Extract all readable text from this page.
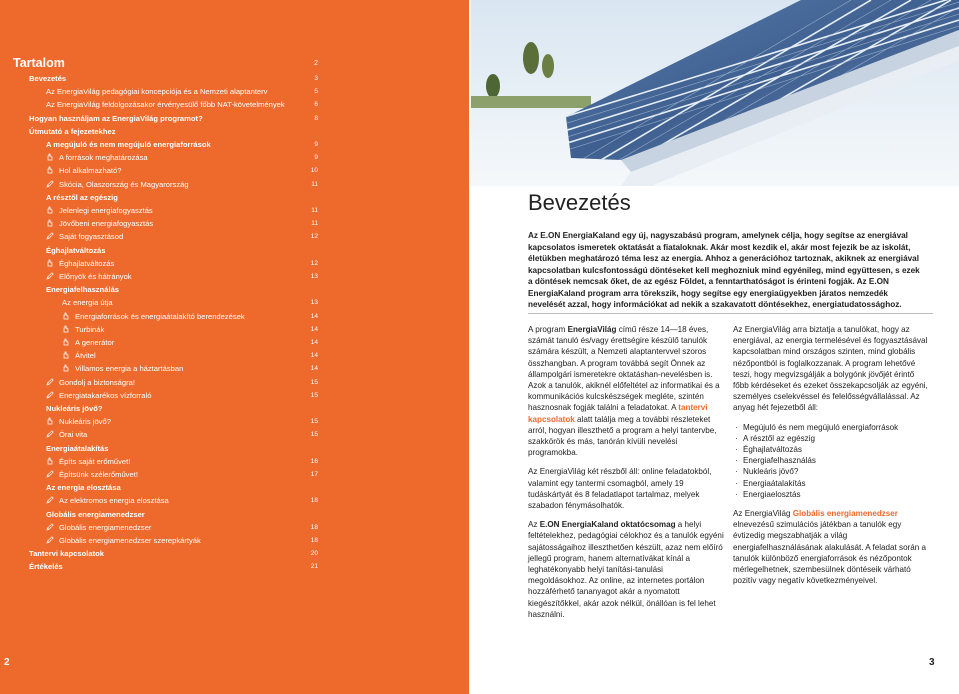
Tartalom	2
Bevezetés	3
Az EnergiaVilág pedagógiai koncepciója és a Nemzeti alaptanterv	5
Az EnergiaVilág feldolgozásakor érvényesülő főbb NAT-követelmények	6
Hogyan használjam az EnergiaVilág programot?	8
Útmutató a fejezetekhez
A megújuló és nem megújuló energiaforrások	9
A források meghatározása	9
Hol alkalmazható?	10
Skócia, Olaszország és Magyarország	11
A résztől az egészig
Jelenlegi energiafogyasztás	11
Jövőbeni energiafogyasztás	11
Saját fogyasztásod	12
Éghajlatváltozás
Éghajlatváltozás	12
Előnyök és hátrányok	13
Energiafelhasználás
Az energia útja	13
Energiaforrások és energiaátalakító berendezések	14
Turbinák	14
A generátor	14
Átvitel	14
Villamos energia a háztartásban	14
Gondolj a biztonságra!	15
Energiatakarékos vízforraló	15
Nukleáris jövő?
Nukleáris jövő?	15
Órai vita	15
Energiaátalakítás
Építs saját erőművet!	16
Építsünk szélerőművet!	17
Az energia elosztása
Az elektromos energia elosztása	18
Globális energiamenedzser
Globális energiamenedzser	18
Globális energiamenedzser szerepkártyák	18
Tantervi kapcsolatok	20
Értékelés	21
2
Bevezetés
Az E.ON EnergiaKaland egy új, nagyszabású program, amelynek célja, hogy segítse az energiával kapcsolatos ismeretek oktatását a fiataloknak. Akár most kezdik el, akár most fejezik be az iskolát, életükben meghatározó téma lesz az energia. Ahhoz a generációhoz tartoznak, akiknek az energiával kapcsolatban kulcsfontosságú döntéseket kell meghozniuk mind egyénileg, mind együttesen, s ezek a döntések nemcsak őket, de az egész Földet, a fenntarthatóságot is érinteni fogják. Az E.ON EnergiaKaland program arra törekszik, hogy segítse egy energiaügyekben járatos nemzedék nevelését azzal, hogy információkat ad nekik a szakavatott döntésekhez, energiatudatossághoz.

A program EnergiaVilág című része 14—18 éves, számát tanuló és/vagy érettségire készülő tanulók számára készült, a Nemzeti alaptantervvel szoros összhangban. A program továbbá segít Önnek az állampolgári ismeretekre oktatáshan-nevelésben is. Azok a tanulók, akiknél előfeltétel az informatikai és a kommunikációs kulcskészségek megléte, szintén hasznosnak fogják találni a feladatokat. A tantervi kapcsolatok alatt találja meg a további részleteket arról, hogyan illeszthető a program a helyi tantervbe, szakkörök és más, tanórán kívüli nevelési programokba.

Az EnergiaVilág két részből áll: online feladatokból, valamint egy tantermi csomagból, amely 19 tudáskártyát és 8 feladatlapot tartalmaz, melyek szabadon fénymásolhatók.

Az E.ON EnergiaKaland oktatócsomag a helyi feltételekhez, pedagógiai célokhoz és a tanulók egyéni sajátosságaihoz illeszthetően készült, azaz nem előíró jellegű program, hanem alternatívákat kínál a leghatékonyabb helyi tanítási-tanulási megoldásokhoz. Az online, az internetes portálon hozzáférhető tananyagot akár a nyomatott kiegészítőkkel, akár azok nélkül, önállóan is fel lehet használni.

Az EnergiaVilág arra biztatja a tanulókat, hogy az energiával, az energia termelésével és fogyasztásával kapcsolatban mind országos szinten, mind globális nézőpontból is foglalkozzanak. A program lehetővé teszi, hogy megvizsgálják a bolygónk jövőjét érintő főbb kérdéseket és ezeket összekapcsolják az egyéni, személyes cselekvéssel és felelősségvállalással. Az anyag hét fejezetből áll:

· Megújuló és nem megújuló energiaforrások
· A résztől az egészig
· Éghajlatváltozás
· Energiafelhasználás
· Nukleáris jövő?
· Energiaátalakítás
· Energiaelosztás

Az EnergiaVilág Globális energiamenedzser elnevezésű szimulációs játékban a tanulók egy évtizedig megszabhatják a világ energiafelhasználásának alakulását. A feladat során a tanulók különböző energiaforrások és nézőpontok mérlegelhetnek, szembesülnek döntéseik várható pozitív vagy negatív következményeivel.

3
